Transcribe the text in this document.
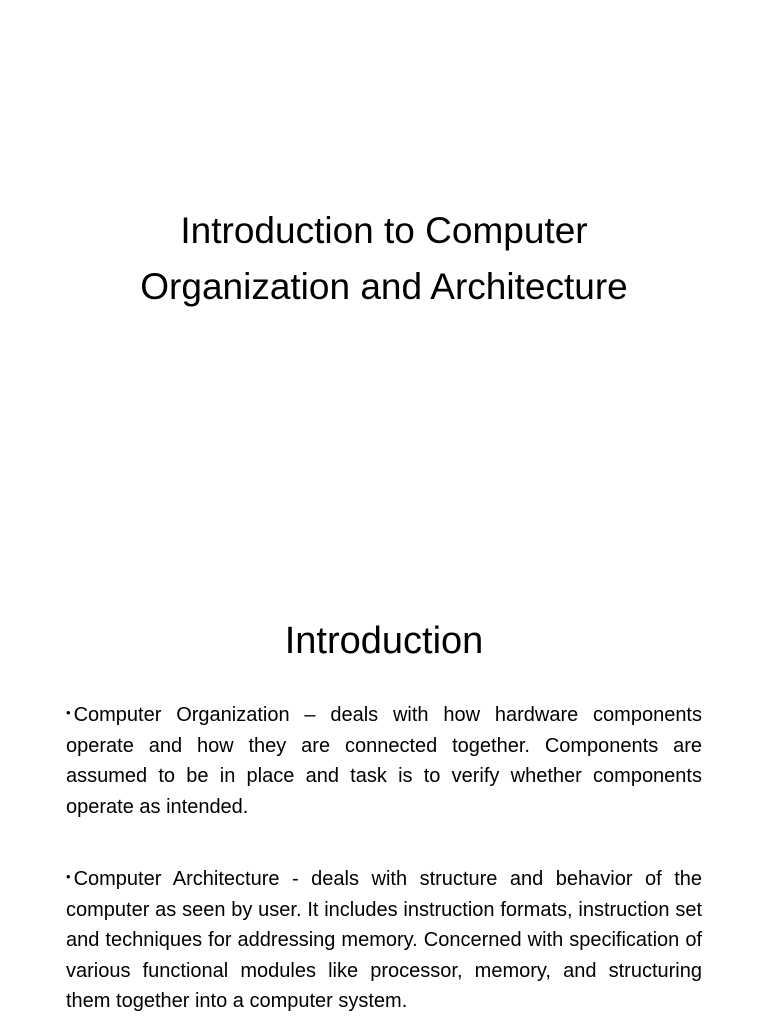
Introduction to Computer
Organization and Architecture
Introduction
• Computer Organization – deals with how hardware components operate and how they are connected together. Components are assumed to be in place and task is to verify whether components operate as intended.
• Computer Architecture - deals with structure and behavior of the computer as seen by user. It includes instruction formats, instruction set and techniques for addressing memory. Concerned with specification of various functional modules like processor, memory, and structuring them together into a computer system.
